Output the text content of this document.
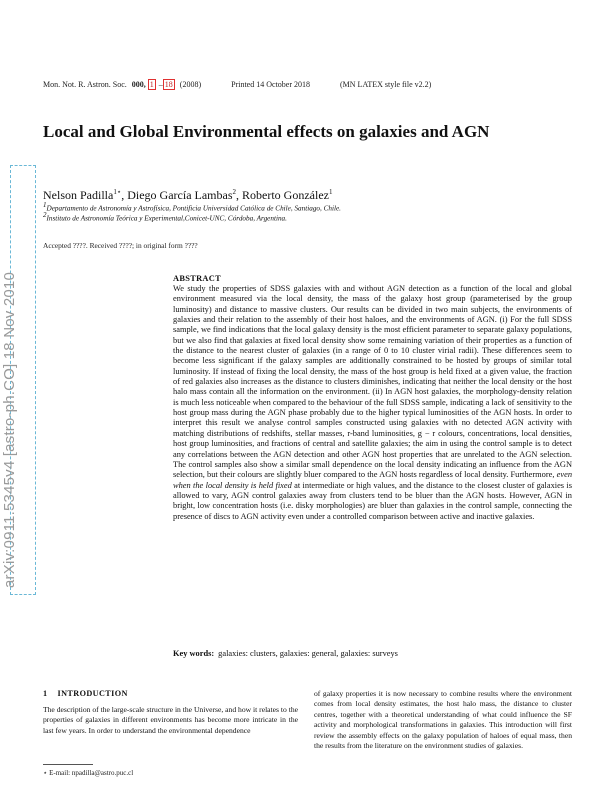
Mon. Not. R. Astron. Soc. 000, 1 – 18 (2008)	Printed 14 October 2018	(MN LATEX style file v2.2)
Local and Global Environmental effects on galaxies and AGN
Nelson Padilla$^{1⋆}$, Diego García Lambas$^2$, Roberto González$^1$
$^1$Departamento de Astronomía y Astrofísica, Pontificia Universidad Católica de Chile, Santiago, Chile.
$^2$Instituto de Astronomía Teórica y Experimental,Conicet-UNC, Córdoba, Argentina.
Accepted ????. Received ????; in original form ????
arXiv:0911.5345v4 [astro-ph.CO] 18 Nov 2010	ABSTRACT

We study the properties of SDSS galaxies with and without AGN detection as a function of the local and global environment measured via the local density, the mass of the galaxy host group (parameterised by the group luminosity) and distance to massive clusters. Our results can be divided in two main subjects, the environments of galaxies and their relation to the assembly of their host haloes, and the environments of AGN. (i) For the full SDSS sample, we find indications that the local galaxy density is the most efficient parameter to separate galaxy populations, but we also find that galaxies at fixed local density show some remaining variation of their properties as a function of the distance to the nearest cluster of galaxies (in a range of 0 to 10 cluster virial radii). These differences seem to become less significant if the galaxy samples are additionally constrained to be hosted by groups of similar total luminosity. If instead of fixing the local density, the mass of the host group is held fixed at a given value, the fraction of red galaxies also increases as the distance to clusters diminishes, indicating that neither the local density or the host halo mass contain all the information on the environment. (ii) In AGN host galaxies, the morphology-density relation is much less noticeable when compared to the behaviour of the full SDSS sample, indicating a lack of sensitivity to the host group mass during the AGN phase probably due to the higher typical luminosities of the AGN hosts. In order to interpret this result we analyse control samples constructed using galaxies with no detected AGN activity with matching distributions of redshifts, stellar masses, r-band luminosities, g − r colours, concentrations, local densities, host group luminosities, and fractions of central and satellite galaxies; the aim in using the control sample is to detect any correlations between the AGN detection and other AGN host properties that are unrelated to the AGN selection. The control samples also show a similar small dependence on the local density indicating an influence from the AGN selection, but their colours are slightly bluer compared to the AGN hosts regardless of local density. Furthermore, even when the local density is held fixed at intermediate or high values, and the distance to the closest cluster of galaxies is allowed to vary, AGN control galaxies away from clusters tend to be bluer than the AGN hosts. However, AGN in bright, low concentration hosts (i.e. disky morphologies) are bluer than galaxies in the control sample, connecting the presence of discs to AGN activity even under a controlled comparison between active and inactive galaxies.

Key words: galaxies: clusters, galaxies: general, galaxies: surveys
1 INTRODUCTION

The description of the large-scale structure in the Universe, and how it relates to the properties of galaxies in different environments has become more intricate in the last few years. In order to understand the environmental dependence

of galaxy properties it is now necessary to combine results where the environment comes from local density estimates, the host halo mass, the distance to cluster centres, together with a theoretical understanding of what could influence the SF activity and morphological transformations in galaxies. This introduction will first review the assembly effects on the galaxy population of haloes of equal mass, then the results from the literature on the environment studies of galaxies.

⋆ E-mail: npadilla@astro.puc.cl
